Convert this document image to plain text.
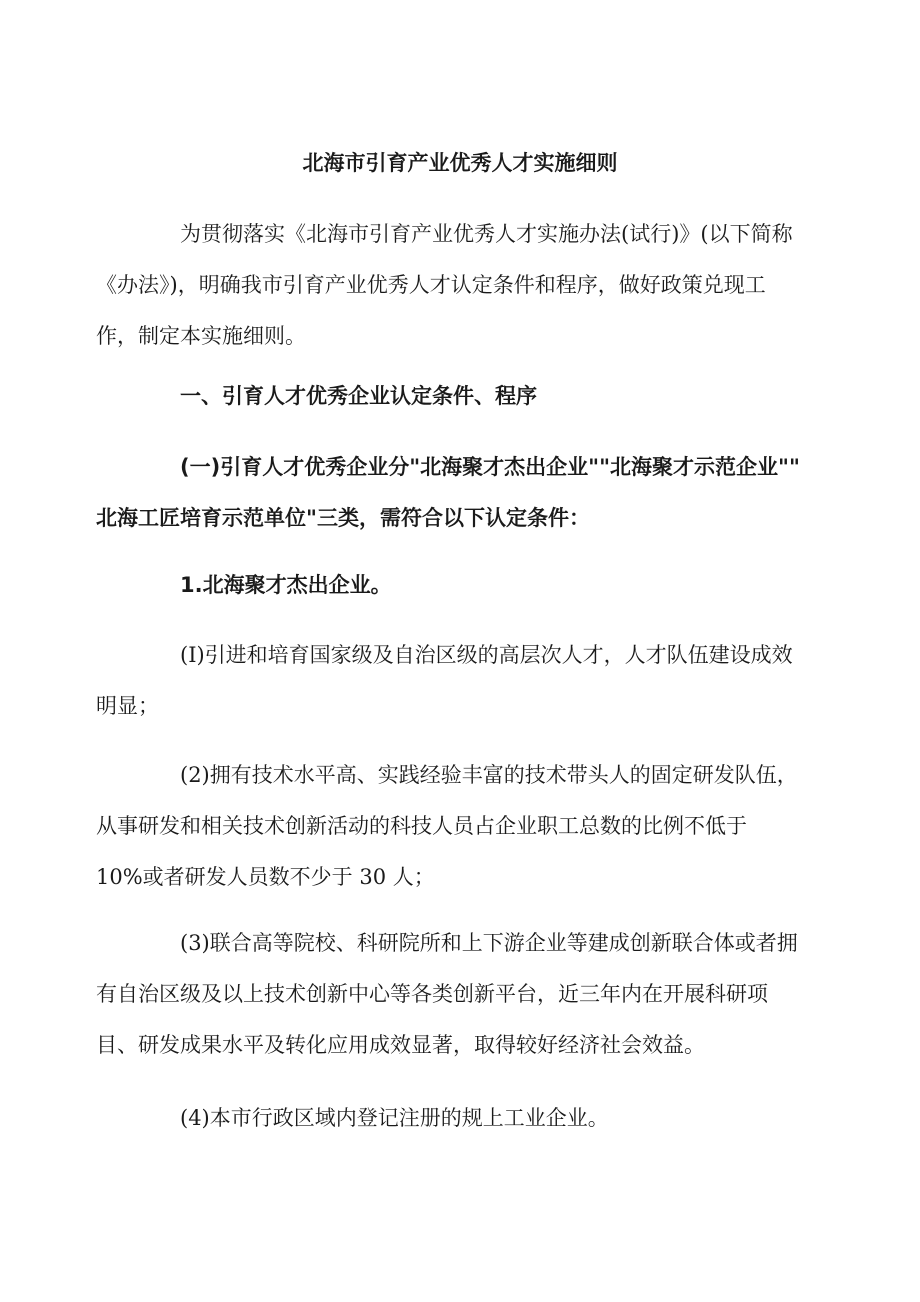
北海市引育产业优秀人才实施细则

为贯彻落实《北海市引育产业优秀人才实施办法(试行)》(以下简称
《办法》)，明确我市引育产业优秀人才认定条件和程序，做好政策兑现工
作，制定本实施细则。

一、引育人才优秀企业认定条件、程序

(一)引育人才优秀企业分"北海聚才杰出企业""北海聚才示范企业""
北海工匠培育示范单位"三类，需符合以下认定条件：

1.北海聚才杰出企业。

(I)引进和培育国家级及自治区级的高层次人才，人才队伍建设成效
明显；

(2)拥有技术水平高、实践经验丰富的技术带头人的固定研发队伍，
从事研发和相关技术创新活动的科技人员占企业职工总数的比例不低于
10%或者研发人员数不少于 30 人；

(3)联合高等院校、科研院所和上下游企业等建成创新联合体或者拥
有自治区级及以上技术创新中心等各类创新平台，近三年内在开展科研项
目、研发成果水平及转化应用成效显著，取得较好经济社会效益。

(4)本市行政区域内登记注册的规上工业企业。
